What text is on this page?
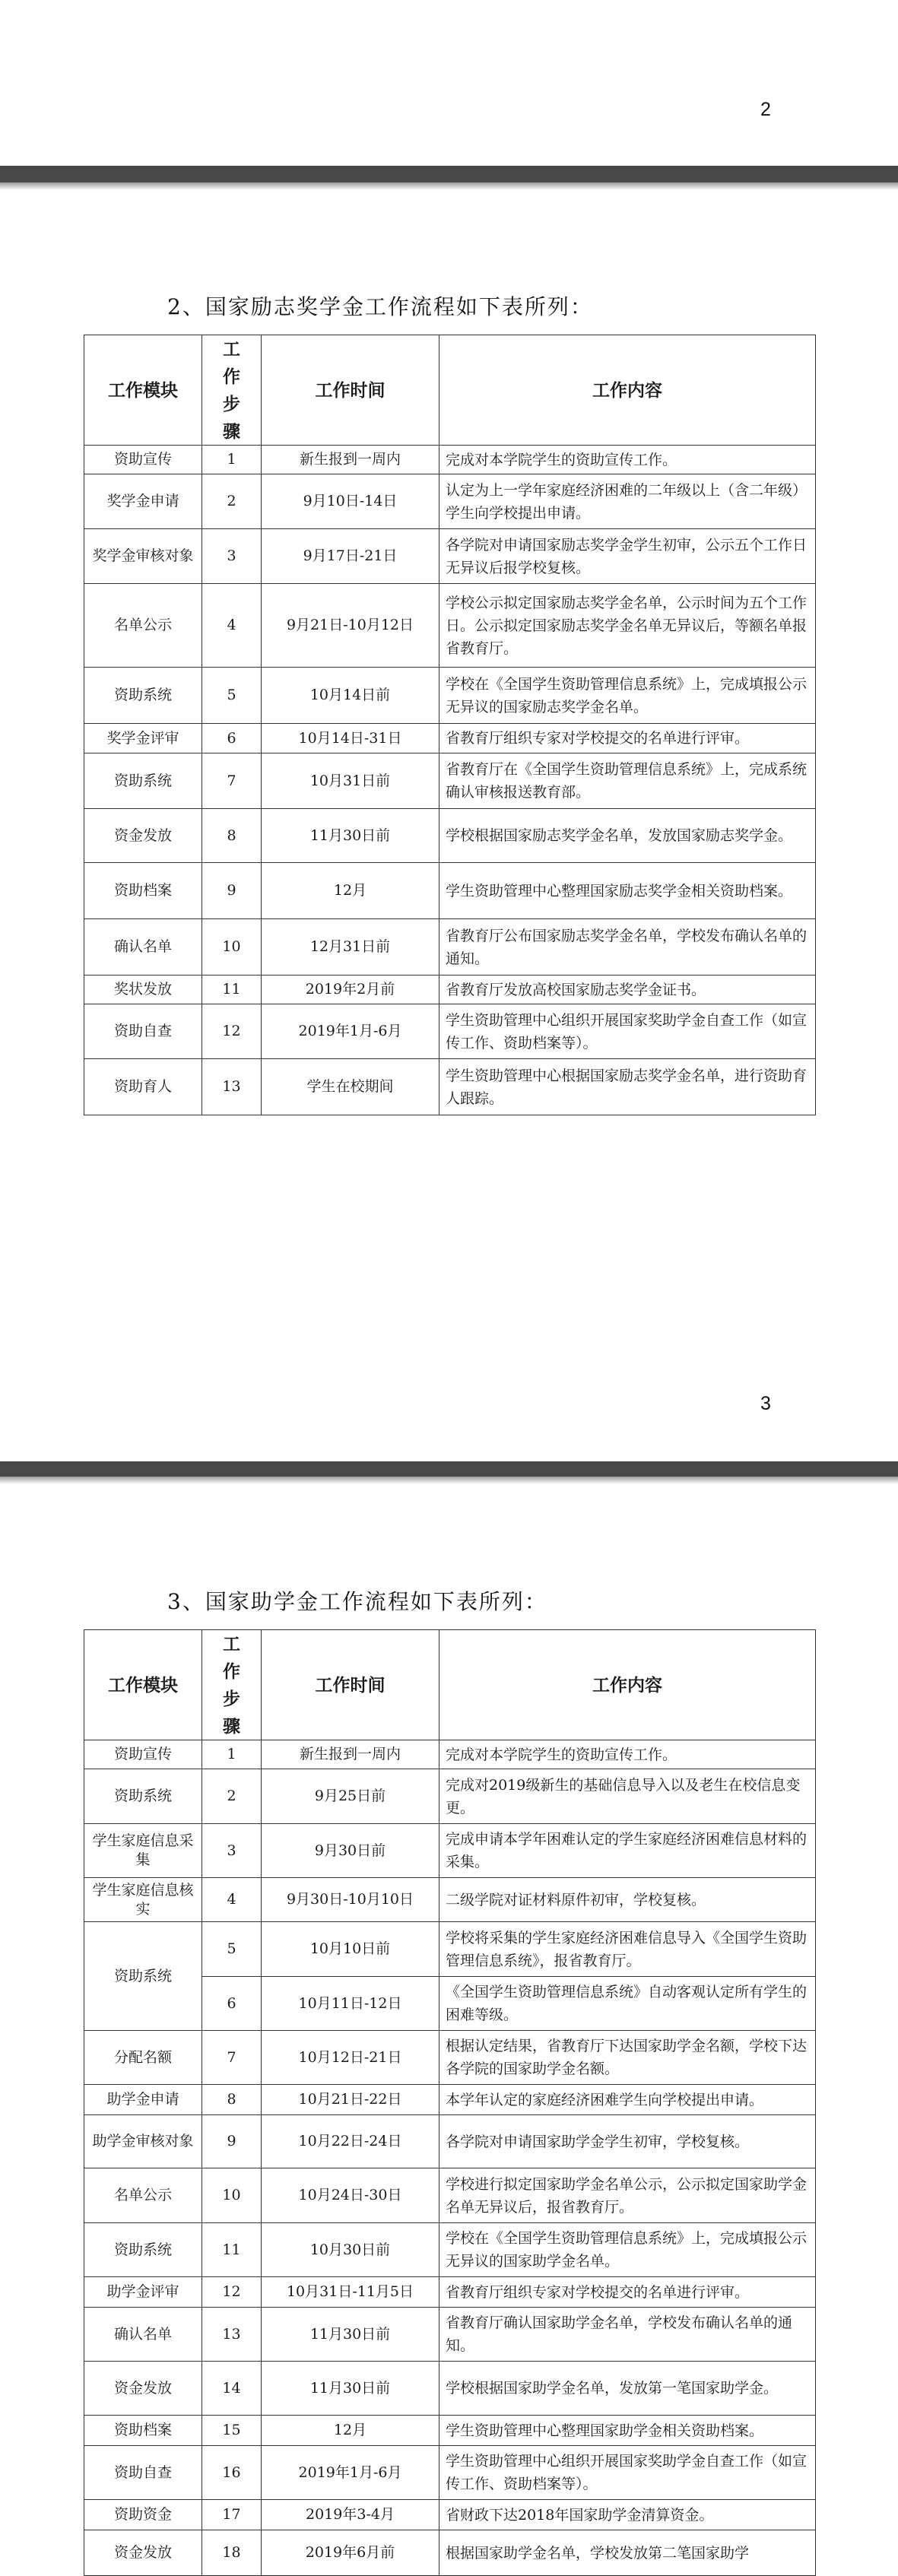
2
2、国家励志奖学金工作流程如下表所列：
工作模块	工作步骤	工作时间	工作内容
资助宣传	1	新生报到一周内	完成对本学院学生的资助宣传工作。
奖学金申请	2	9月10日-14日	认定为上一学年家庭经济困难的二年级以上（含二年级）学生向学校提出申请。
奖学金审核对象	3	9月17日-21日	各学院对申请国家励志奖学金学生初审，公示五个工作日无异议后报学校复核。
名单公示	4	9月21日-10月12日	学校公示拟定国家励志奖学金名单，公示时间为五个工作日。公示拟定国家励志奖学金名单无异议后，等额名单报省教育厅。
资助系统	5	10月14日前	学校在《全国学生资助管理信息系统》上，完成填报公示无异议的国家励志奖学金名单。
奖学金评审	6	10月14日-31日	省教育厅组织专家对学校提交的名单进行评审。
资助系统	7	10月31日前	省教育厅在《全国学生资助管理信息系统》上，完成系统确认审核报送教育部。
资金发放	8	11月30日前	学校根据国家励志奖学金名单，发放国家励志奖学金。
资助档案	9	12月	学生资助管理中心整理国家励志奖学金相关资助档案。
确认名单	10	12月31日前	省教育厅公布国家励志奖学金名单，学校发布确认名单的通知。
奖状发放	11	2019年2月前	省教育厅发放高校国家励志奖学金证书。
资助自查	12	2019年1月-6月	学生资助管理中心组织开展国家奖助学金自查工作（如宣传工作、资助档案等）。
资助育人	13	学生在校期间	学生资助管理中心根据国家励志奖学金名单，进行资助育人跟踪。
3
3、国家助学金工作流程如下表所列：
工作模块	工作步骤	工作时间	工作内容
资助宣传	1	新生报到一周内	完成对本学院学生的资助宣传工作。
资助系统	2	9月25日前	完成对2019级新生的基础信息导入以及老生在校信息变更。
学生家庭信息采集	3	9月30日前	完成申请本学年困难认定的学生家庭经济困难信息材料的采集。
学生家庭信息核实	4	9月30日-10月10日	二级学院对证材料原件初审，学校复核。
资助系统	5	10月10日前	学校将采集的学生家庭经济困难信息导入《全国学生资助管理信息系统》，报省教育厅。
	6	10月11日-12日	《全国学生资助管理信息系统》自动客观认定所有学生的困难等级。
分配名额	7	10月12日-21日	根据认定结果，省教育厅下达国家助学金名额，学校下达各学院的国家助学金名额。
助学金申请	8	10月21日-22日	本学年认定的家庭经济困难学生向学校提出申请。
助学金审核对象	9	10月22日-24日	各学院对申请国家助学金学生初审，学校复核。
名单公示	10	10月24日-30日	学校进行拟定国家助学金名单公示，公示拟定国家助学金名单无异议后，报省教育厅。
资助系统	11	10月30日前	学校在《全国学生资助管理信息系统》上，完成填报公示无异议的国家助学金名单。
助学金评审	12	10月31日-11月5日	省教育厅组织专家对学校提交的名单进行评审。
确认名单	13	11月30日前	省教育厅确认国家助学金名单，学校发布确认名单的通知。
资金发放	14	11月30日前	学校根据国家助学金名单，发放第一笔国家助学金。
资助档案	15	12月	学生资助管理中心整理国家助学金相关资助档案。
资助自查	16	2019年1月-6月	学生资助管理中心组织开展国家奖助学金自查工作（如宣传工作、资助档案等）。
资助资金	17	2019年3-4月	省财政下达2018年国家助学金清算资金。
资金发放	18	2019年6月前	根据国家助学金名单，学校发放第二笔国家助学
